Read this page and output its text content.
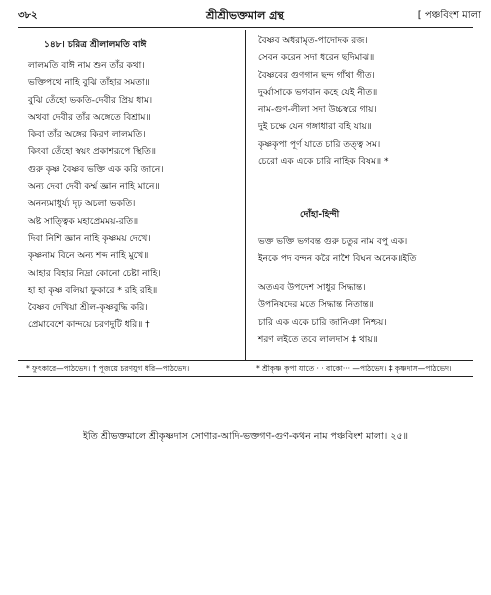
৩৮২	শ্রীশ্রীভক্তমাল গ্রন্থ	[ পঞ্চবিংশ মালা
১৪৮। চরিত্র শ্রীলালমতি বাঈ
লালমতি বাঈ নাম শুন তাঁর কথা।
ভক্তিপথে নাহি বুঝি তাঁহার সমতা॥
বুঝি তেঁহো ভকতি-দেবীর প্রিয় ধাম।
অথবা দেবীর তাঁর অঙ্গেতে বিশ্রাম॥
কিবা তাঁর অঙ্গের কিরণ লালমতি।
কিংবা তেঁহো স্বয়ং প্রকাশরূপে স্থিতি॥
গুরু কৃষ্ণ বৈষ্ণব ভক্তি এক করি জানে।
অন্য দেবা দেবী কর্ম্ম জ্ঞান নাহি মানে॥
অনন্যমাধুর্য্য দৃঢ় অচলা ভকতি।
অষ্ট সাত্ত্বিক মহাপ্রেমময়-রতি॥
দিবা নিশি জ্ঞান নাহি কৃষ্ণময় দেখে।
কৃষ্ণনাম বিনে অন্য শব্দ নাহি মুখে॥
আহার বিহার নিদ্রা কোনো চেষ্টা নাহি।
হা হা কৃষ্ণ বলিয়া ফুকারে * রহি রহি॥
বৈষ্ণব দেখিয়া শ্রীল-কৃষ্ণবুদ্ধি করি।
প্রেমাবেশে কান্দয়ে চরণদুটি ধরি॥ †
বৈষ্ণব অধরামৃত-পাদোদক রজ।
সেবন করেন সদা ধরেন ছদিমাঝ॥
বৈষ্ণবের গুণগান ছন্দ গাঁথা গীত।
দুর্ব্বাসাকে ভগবান কহে যেই নীত॥
নাম-গুণ-লীলা সদা উচ্চস্বরে গায়।
দুই চক্ষে যেন গঙ্গাধারা বহি যায়॥
কৃষ্ণকৃপা পূর্ণ যাতে চারি তত্ত্ব সম।
চেরো এক একে চারি নাহিক বিষম॥ *
দোঁহা-হিন্দী
ভক্ত ভক্তি ভগবন্ত গুরু চতুর নাম বপু এক।
ইনকে পদ বন্দন করৈ নাশৈ বিঘন অনেক॥ইতি
অতএব উপদেশ সাধুর সিদ্ধান্ত।
উপনিষদের মতে সিদ্ধান্ত নিতান্ত॥
চারি এক একে চারি জানিঞা নিশ্চয়।
শরণ লইতে তবে লালদাস ‡ থায়॥
* ফুৎকারে—পাঠভেদ। † পূজয়ে চরণযুগ ধরি—পাঠভেদ।	* শ্রীকৃষ্ণ কৃপা যাতে · · বাকো··· —পাঠভেদ। ‡ কৃষ্ণদাস—পাঠভেদ।
ইতি শ্রীভক্তমালে শ্রীকৃষ্ণদাস সোণার-আদি-ভক্তগণ-গুণ-কথন নাম পঞ্চবিংশ মালা। ২৫॥
